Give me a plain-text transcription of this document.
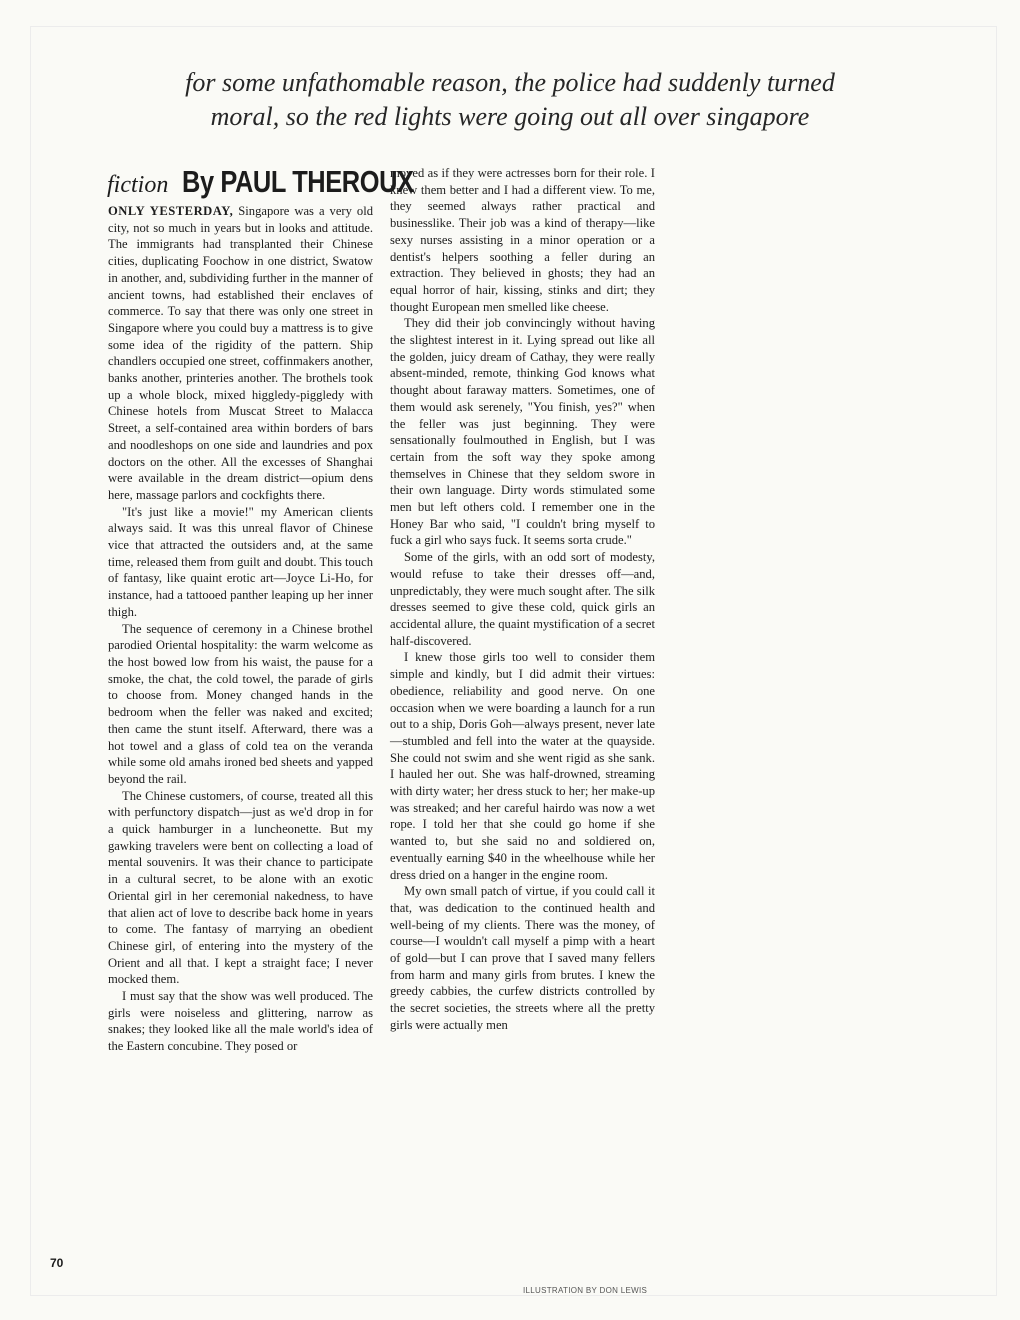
for some unfathomable reason, the police had suddenly turned
moral, so the red lights were going out all over singapore
fiction By PAUL THEROUX

ONLY YESTERDAY, Singapore was a very old city, not so much in years but in looks and attitude. The immigrants had transplanted their Chinese cities, duplicating Foochow in one district, Swatow in another, and, subdividing further in the manner of ancient towns, had established their enclaves of commerce. To say that there was only one street in Singapore where you could buy a mattress is to give some idea of the rigidity of the pattern. Ship chandlers occupied one street, coffinmakers another, banks another, printeries another. The brothels took up a whole block, mixed higgledy-piggledy with Chinese hotels from Muscat Street to Malacca Street, a self-contained area within borders of bars and noodleshops on one side and laundries and pox doctors on the other. All the excesses of Shanghai were available in the dream district—opium dens here, massage parlors and cockfights there.

"It's just like a movie!" my American clients always said. It was this unreal flavor of Chinese vice that attracted the outsiders and, at the same time, released them from guilt and doubt. This touch of fantasy, like quaint erotic art—Joyce Li-Ho, for instance, had a tattooed panther leaping up her inner thigh.

The sequence of ceremony in a Chinese brothel parodied Oriental hospitality: the warm welcome as the host bowed low from his waist, the pause for a smoke, the chat, the cold towel, the parade of girls to choose from. Money changed hands in the bedroom when the feller was naked and excited; then came the stunt itself. Afterward, there was a hot towel and a glass of cold tea on the veranda while some old amahs ironed bed sheets and yapped beyond the rail.

The Chinese customers, of course, treated all this with perfunctory dispatch—just as we'd drop in for a quick hamburger in a luncheonette. But my gawking travelers were bent on collecting a load of mental souvenirs. It was their chance to participate in a cultural secret, to be alone with an exotic Oriental girl in her ceremonial nakedness, to have that alien act of love to describe back home in years to come. The fantasy of marrying an obedient Chinese girl, of entering into the mystery of the Orient and all that. I kept a straight face; I never mocked them.

I must say that the show was well produced. The girls were noiseless and glittering, narrow as snakes; they looked like all the male world's idea of the Eastern concubine. They posed or

moved as if they were actresses born for their role. I knew them better and I had a different view. To me, they seemed always rather practical and businesslike. Their job was a kind of therapy—like sexy nurses assisting in a minor operation or a dentist's helpers soothing a feller during an extraction. They believed in ghosts; they had an equal horror of hair, kissing, stinks and dirt; they thought European men smelled like cheese.

They did their job convincingly without having the slightest interest in it. Lying spread out like all the golden, juicy dream of Cathay, they were really absent-minded, remote, thinking God knows what thought about faraway matters. Sometimes, one of them would ask serenely, "You finish, yes?" when the feller was just beginning. They were sensationally foulmouthed in English, but I was certain from the soft way they spoke among themselves in Chinese that they seldom swore in their own language. Dirty words stimulated some men but left others cold. I remember one in the Honey Bar who said, "I couldn't bring myself to fuck a girl who says fuck. It seems sorta crude."

Some of the girls, with an odd sort of modesty, would refuse to take their dresses off—and, unpredictably, they were much sought after. The silk dresses seemed to give these cold, quick girls an accidental allure, the quaint mystification of a secret half-discovered.

I knew those girls too well to consider them simple and kindly, but I did admit their virtues: obedience, reliability and good nerve. On one occasion when we were boarding a launch for a run out to a ship, Doris Goh—always present, never late—stumbled and fell into the water at the quayside. She could not swim and she went rigid as she sank. I hauled her out. She was half-drowned, streaming with dirty water; her dress stuck to her; her make-up was streaked; and her careful hairdo was now a wet rope. I told her that she could go home if she wanted to, but she said no and soldiered on, eventually earning $40 in the wheelhouse while her dress dried on a hanger in the engine room.

My own small patch of virtue, if you could call it that, was dedication to the continued health and well-being of my clients. There was the money, of course—I wouldn't call myself a pimp with a heart of gold—but I can prove that I saved many fellers from harm and many girls from brutes. I knew the greedy cabbies, the curfew districts controlled by the secret societies, the streets where all the pretty girls were actually men

70
ILLUSTRATION BY DON LEWIS
